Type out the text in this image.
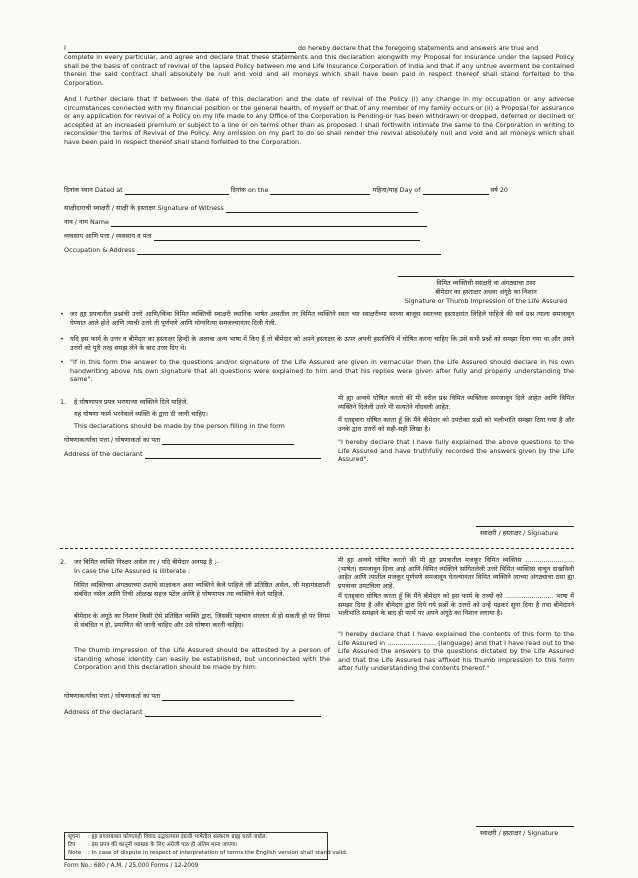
I	do hereby declare that the foregoing statements and answers are true and

complete in every particular, and agree and declare that these statements and this declaration alongwith my Proposal for Insurance under the lapsed Policy shall be the basis of contract of revival of the lapsed Policy between me and Life Insurance Corporation of India and that if any untrue averment be contained therein the said contract shall absolutely be null and void and all moneys which shall have been paid in respect thereof shall stand forfeited to the Corporation.

And I further declare that if between the date of this declaration and the date of revival of the Policy (i) any change in my occupation or any adverse circumstances connected with my financial position or the general health, of myself or that of any member of my family occurs or (ii) a Proposal for assurance or any application for revival of a Policy on my life made to any Office of the Corporation is Pending-or has been withdrawn or dropped, deferred or declined or accepted at an increased premium or subject to a line or on terms other than as proposed. I shall forthwith intimate the same to the Corporation in writing to reconsider the terms of Revival of the Policy. Any omission on my part to do so shall render the revival absolutely null and void and all moneys which shall have been paid in respect thereof shall stand forfeited to the Corporation.

दिनांक स्थान Dated at	दिनांक on the	महिना/माह Day of	वर्ष 20
साक्षीदाराची स्वाक्षरी / साक्षी के हस्ताक्षर Signature of Witness
नाव / नाम Name
व्यवसाय आणि पत्ता / व्यवसाय व पता
Occupation & Address
विमित व्यक्तिची स्वाक्षरी वा अंगठ्याचा ठसा
बीमेदार का हस्ताक्षर अथवा अंगूठे का निशान
Signature or Thumb Impression of the Life Assured
• जर ह्या प्रपत्रातील प्रश्नांची उत्तरे आणि/किंवा विमित व्यक्तिची स्वाक्षरी स्थानिक भाषेत असतील तर विमित व्यक्तिने स्वतः च्या स्वाक्षरीच्या वरच्या बाजूस स्वतःच्या हस्ताक्षरांत लिहिले पाहिजे की सर्व प्रश्न त्याला समजावून घेण्यात आले होते आणि त्याची उत्तरे ती पूर्णपणे आणि योग्यरित्या समजल्यानंतर दिली गेली.

• यदि इस फार्म के उत्तर व बीमेदार का हस्ताक्षर हिन्दी के अलावा अन्य भाषा में किए हैं तो बीमेदार को अपने हस्ताक्षर के ऊपर अपनी हस्तलिपि में घोषित करना चाहिए कि उसे सभी प्रश्नों को समझा दिया गया था और उसने उत्तरों को पूरी तरह समझ लेने के बाद उत्तर दिए थे।

• "If in this form the answer to the questions and/or signature of the Life Assured are given in vernacular then the Life Assured should declare in his own handwriting above his own signature that all questions were explained to him and that his replies were given after fully and properly understanding the same".

1. हे घोषणापत्र प्रपत्र भरणाऱ्या व्यक्तिने दिले पाहिजे.

यह घोषणा फार्म भरनेवाले व्यक्ति के द्वारा दी जानी चाहिए।

This declarations should be made by the person filling in the form

घोषणाकर्त्याचा पत्ता / घोषणाकर्ता का पता
Address of the declarant

मी ह्या अन्वये घोषित करतो की मी वरील प्रश्न विमित व्यक्तिला समजावून दिले आहेत आणि विमित व्यक्तिने दिलेली उत्तरे मी सत्यतेने नोंदवली आहेत.

मैं एतद्द्वारा घोषित करता हूँ कि मैंने बीमेदार को उपरोक्त प्रश्नों को भलीभांति समझा दिया गया है और उनके द्वारा उत्तरों को सही-सही लिखा है।

"I hereby declare that I have fully explained the above questions to the Life Assured and have truthfully recorded the answers given by the Life Assured".

स्वाक्षरी / हस्ताक्षर / Signature
2. जर विमित व्यक्ति निरक्षर असेल तर / यदि बीमेदार अनपढ़ है :-
In case the Life Assured is illiterate :

विमित व्यक्तिच्या अंगठ्याच्या ठशांचे साक्षांकन अशा व्यक्तिने केले पाहिजे जी प्रतिष्ठित असेल, जी महामंडळाशी संबंधित नसेल आणि तिची ओळख सहज पटेल आणि हे घोषणापत्र त्या व्यक्तिने केले पाहिजे.

बीमेदार के अंगूठे का निशान किसी ऐसे प्रतिष्ठित व्यक्ति द्वारा, जिसकी पहचान सरलता से हो सकती हो पर निगम से संबंधित न हो, प्रमाणित की जानी चाहिए और उसे घोषणा करनी चाहिए।

The thumb impression of the Life Assured should be attested by a person of standing whose identity can easily be established, but unconnected with the Corporation and this declaration should be made by him:

घोषणाकर्त्याचा पत्ता / घोषणाकर्ता का पता
Address of the declarant

मी ह्या अन्वये घोषित करतो की मी ह्या प्रपत्रातील मजकूर विमित व्यक्तिस ........................ (भाषेत) समजावून दिला आहे आणि विमित व्यक्तिने सांगितलेली उत्तरे विमित व्यक्तिस वाचून दाखविली आहेत आणि त्यातील मजकूर पूर्णपणे समजावून घेतल्यानंतर विमित व्यक्तिने त्याच्या अंगठ्याचा ठसा ह्या प्रपत्रावर उमटविला आहे.

मैं एतद्द्वारा घोषित करता हूँ कि मैंने बीमेदार को इस फार्म के तथ्यों को ........................ भाषा में समझा दिया है और बीमेदार द्वारा दिये गये प्रश्नों के उत्तरों को उन्हें पढ़कर सुना दिया है तथा बीमेदारने भलीभांति समझने के बाद ही फार्म पर अपने अंगूठे का निशान लगाया है।

"I hereby declare that I have explained the contents of this form to the Life Assured in ........................ (language) and that I have read out to the Life Assured the answers to the questions dictated by the Life Assured and that the Life Assured has affixed his thumb impression to this form after fully understanding the contents thereof."

स्वाक्षरी / हस्ताक्षर / Signature
सूचना : ह्या प्रपत्राबाबत कोणताही विवाद उद्भवल्यास इंग्रजी भाषेतील संस्करण ग्राह्य धरले जाईल.
टिप : इस प्रपत्र की कानूनी व्याख्या के लिए अंग्रेजी पाठ ही अंतिम माना जाएगा।
Note : In case of dispute in respect of interpretation of terms the English version shall stand valid.
Form No.: 680 / A.M. / 25,000 Forms / 12-2009
